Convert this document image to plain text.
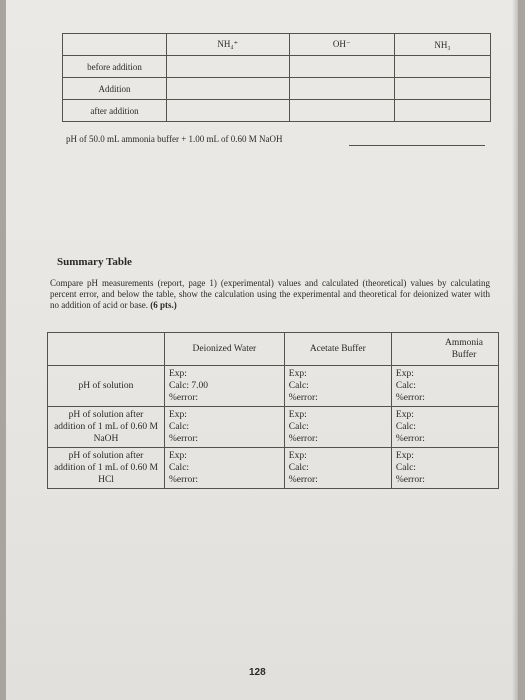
	NH₄⁺	OH⁻	NH₃
before addition			
Addition			
after addition			
pH of 50.0 mL ammonia buffer + 1.00 mL of 0.60 M NaOH
Summary Table
Compare pH measurements (report, page 1) (experimental) values and calculated (theoretical) values by calculating percent error, and below the table, show the calculation using the experimental and theoretical for deionized water with no addition of acid or base. (6 pts.)
	Deionized Water	Acetate Buffer	Ammonia Buffer
pH of solution	Exp:
Calc: 7.00
%error:	Exp:
Calc:
%error:	Exp:
Calc:
%error:

pH of solution after addition of 1 mL of 0.60 M NaOH	Exp:
Calc:
%error:	Exp:
Calc:
%error:	Exp:
Calc:
%error:

pH of solution after addition of 1 mL of 0.60 M HCl	Exp:
Calc:
%error:	Exp:
Calc:
%error:	Exp:
Calc:
%error:
128
